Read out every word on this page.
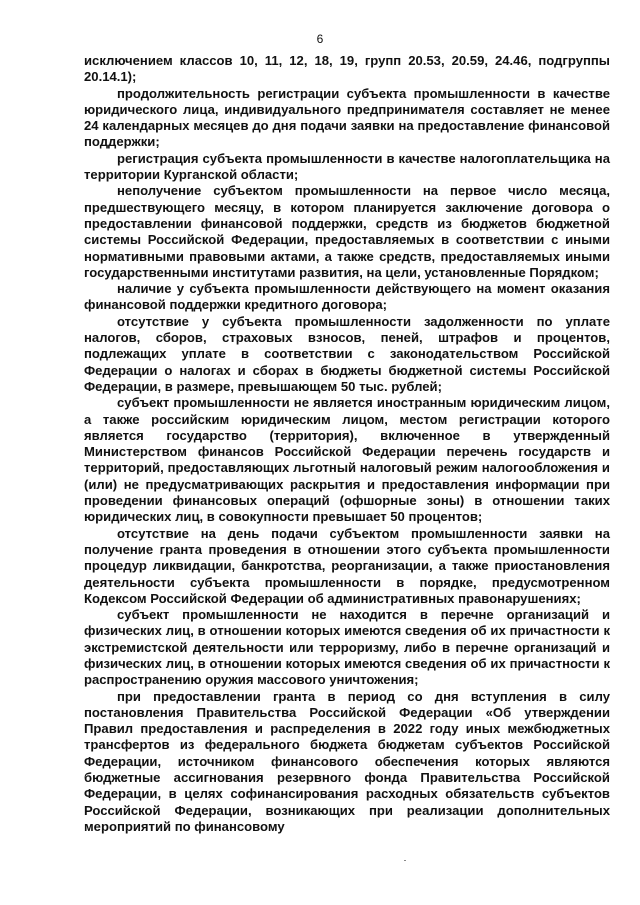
6

исключением классов 10, 11, 12, 18, 19, групп 20.53, 20.59, 24.46, подгруппы 20.14.1);

продолжительность регистрации субъекта промышленности в качестве юридического лица, индивидуального предпринимателя составляет не менее 24 календарных месяцев до дня подачи заявки на предоставление финансовой поддержки;

регистрация субъекта промышленности в качестве налогоплательщика на территории Курганской области;

неполучение субъектом промышленности на первое число месяца, предшествующего месяцу, в котором планируется заключение договора о предоставлении финансовой поддержки, средств из бюджетов бюджетной системы Российской Федерации, предоставляемых в соответствии с иными нормативными правовыми актами, а также средств, предоставляемых иными государственными институтами развития, на цели, установленные Порядком;

наличие у субъекта промышленности действующего на момент оказания финансовой поддержки кредитного договора;

отсутствие у субъекта промышленности задолженности по уплате налогов, сборов, страховых взносов, пеней, штрафов и процентов, подлежащих уплате в соответствии с законодательством Российской Федерации о налогах и сборах в бюджеты бюджетной системы Российской Федерации, в размере, превышающем 50 тыс. рублей;

субъект промышленности не является иностранным юридическим лицом, а также российским юридическим лицом, местом регистрации которого является государство (территория), включенное в утвержденный Министерством финансов Российской Федерации перечень государств и территорий, предоставляющих льготный налоговый режим налогообложения и (или) не предусматривающих раскрытия и предоставления информации при проведении финансовых операций (офшорные зоны) в отношении таких юридических лиц, в совокупности превышает 50 процентов;

отсутствие на день подачи субъектом промышленности заявки на получение гранта проведения в отношении этого субъекта промышленности процедур ликвидации, банкротства, реорганизации, а также приостановления деятельности субъекта промышленности в порядке, предусмотренном Кодексом Российской Федерации об административных правонарушениях;

субъект промышленности не находится в перечне организаций и физических лиц, в отношении которых имеются сведения об их причастности к экстремистской деятельности или терроризму, либо в перечне организаций и физических лиц, в отношении которых имеются сведения об их причастности к распространению оружия массового уничтожения;

при предоставлении гранта в период со дня вступления в силу постановления Правительства Российской Федерации «Об утверждении Правил предоставления и распределения в 2022 году иных межбюджетных трансфертов из федерального бюджета бюджетам субъектов Российской Федерации, источником финансового обеспечения которых являются бюджетные ассигнования резервного фонда Правительства Российской Федерации, в целях софинансирования расходных обязательств субъектов Российской Федерации, возникающих при реализации дополнительных мероприятий по финансовому
